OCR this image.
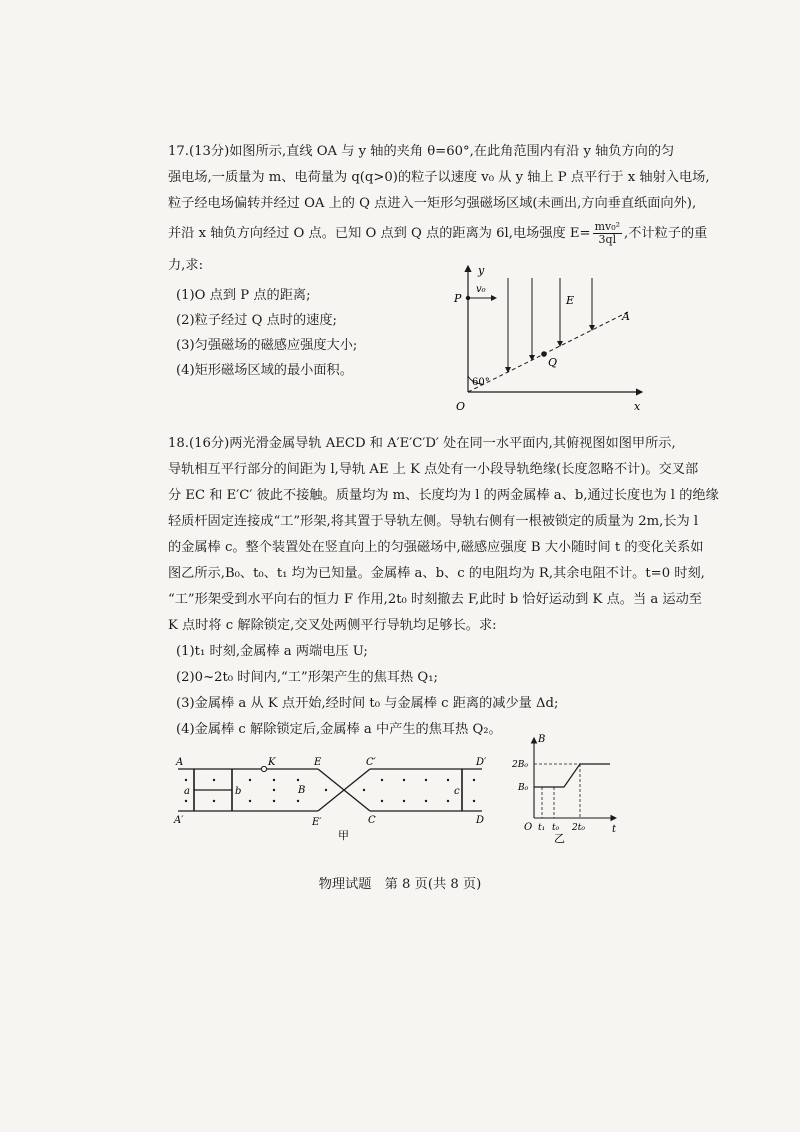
17.(13分)如图所示,直线 OA 与 y 轴的夹角 θ=60°,在此角范围内有沿 y 轴负方向的匀
强电场,一质量为 m、电荷量为 q(q>0)的粒子以速度 v₀ 从 y 轴上 P 点平行于 x 轴射入电场,
粒子经电场偏转并经过 OA 上的 Q 点进入一矩形匀强磁场区域(未画出,方向垂直纸面向外),
并沿 x 轴负方向经过 O 点。已知 O 点到 Q 点的距离为 6l,电场强度 $E= \frac{\text{mv₀²}}{3ql}$ ,不计粒子的重
力,求:
(1)O 点到 P 点的距离;
(2)粒子经过 Q 点时的速度;
(3)匀强磁场的磁感应强度大小;
(4)矩形磁场区域的最小面积。
y
x
O
P
v₀
E
A
Q
60°
18.(16分)两光滑金属导轨 AECD 和 A′E′C′D′ 处在同一水平面内,其俯视图如图甲所示,
导轨相互平行部分的间距为 l,导轨 AE 上 K 点处有一小段导轨绝缘(长度忽略不计)。交叉部
分 EC 和 E′C′ 彼此不接触。质量均为 m、长度均为 l 的两金属棒 a、b,通过长度也为 l 的绝缘
轻质杆固定连接成“工”形架,将其置于导轨左侧。导轨右侧有一根被锁定的质量为 2m,长为 l
的金属棒 c。整个装置处在竖直向上的匀强磁场中,磁感应强度 B 大小随时间 t 的变化关系如
图乙所示,B₀、t₀、t₁ 均为已知量。金属棒 a、b、c 的电阻均为 R,其余电阻不计。t=0 时刻,
“工”形架受到水平向右的恒力 F 作用,2t₀ 时刻撤去 F,此时 b 恰好运动到 K 点。当 a 运动至
K 点时将 c 解除锁定,交叉处两侧平行导轨均足够长。求:
(1)t₁ 时刻,金属棒 a 两端电压 U;
(2)0~2t₀ 时间内,“工”形架产生的焦耳热 Q₁;
(3)金属棒 a 从 K 点开始,经时间 t₀ 与金属棒 c 距离的减少量 Δd;
(4)金属棒 c 解除锁定后,金属棒 a 中产生的焦耳热 Q₂。
A
A′
K	E
E′
C′
C
D′
D
a	b	c
B
甲
B
t
O
2B₀
B₀
t₁ t₀ 2t₀
乙
物理试题　第 8 页(共 8 页)
